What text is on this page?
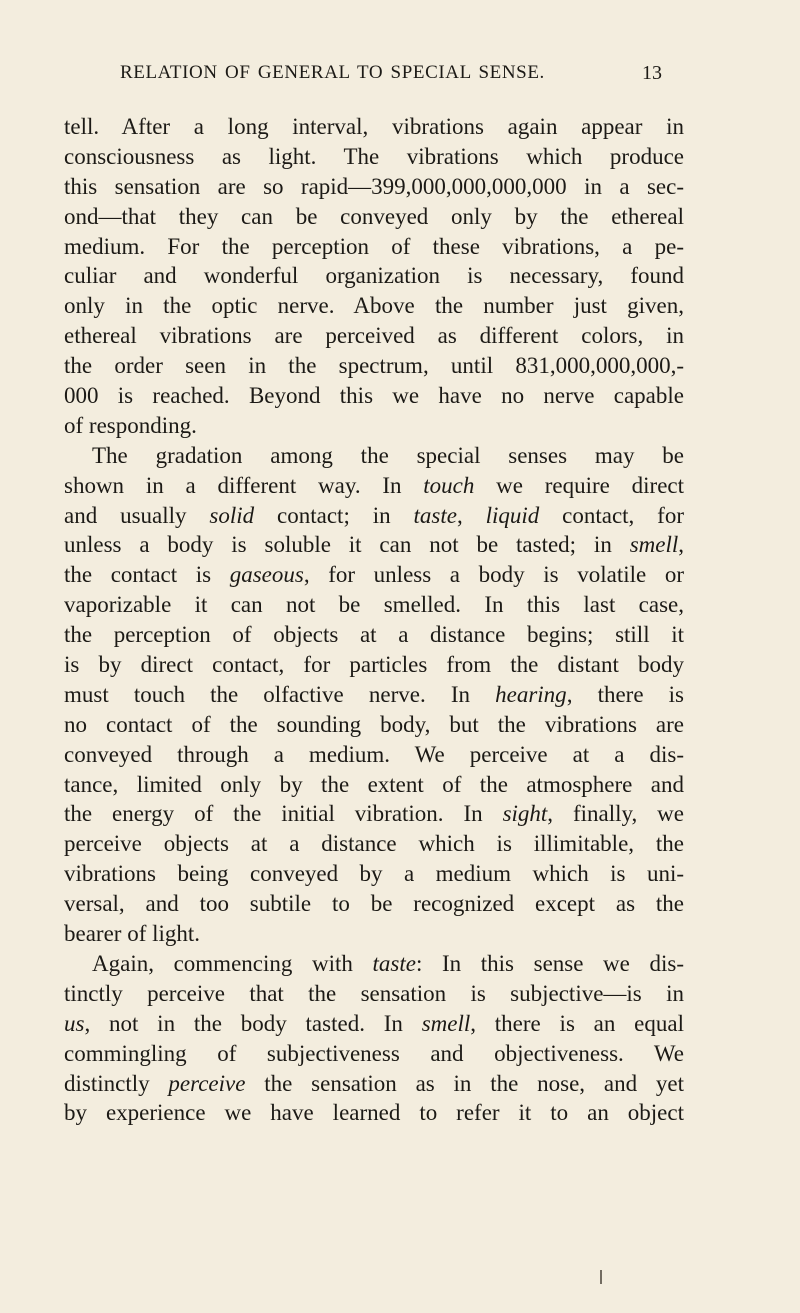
RELATION OF GENERAL TO SPECIAL SENSE.	13
tell. After a long interval, vibrations again appear in
consciousness as light. The vibrations which produce
this sensation are so rapid—399,000,000,000,000 in a sec-
ond—that they can be conveyed only by the ethereal
medium. For the perception of these vibrations, a pe-
culiar and wonderful organization is necessary, found
only in the optic nerve. Above the number just given,
ethereal vibrations are perceived as different colors, in
the order seen in the spectrum, until 831,000,000,000,-
000 is reached. Beyond this we have no nerve capable
of responding.
The gradation among the special senses may be
shown in a different way. In touch we require direct
and usually solid contact; in taste, liquid contact, for
unless a body is soluble it can not be tasted; in smell,
the contact is gaseous, for unless a body is volatile or
vaporizable it can not be smelled. In this last case,
the perception of objects at a distance begins; still it
is by direct contact, for particles from the distant body
must touch the olfactive nerve. In hearing, there is
no contact of the sounding body, but the vibrations are
conveyed through a medium. We perceive at a dis-
tance, limited only by the extent of the atmosphere and
the energy of the initial vibration. In sight, finally, we
perceive objects at a distance which is illimitable, the
vibrations being conveyed by a medium which is uni-
versal, and too subtile to be recognized except as the
bearer of light.
Again, commencing with taste: In this sense we dis-
tinctly perceive that the sensation is subjective—is in
us, not in the body tasted. In smell, there is an equal
commingling of subjectiveness and objectiveness. We
distinctly perceive the sensation as in the nose, and yet
by experience we have learned to refer it to an object
